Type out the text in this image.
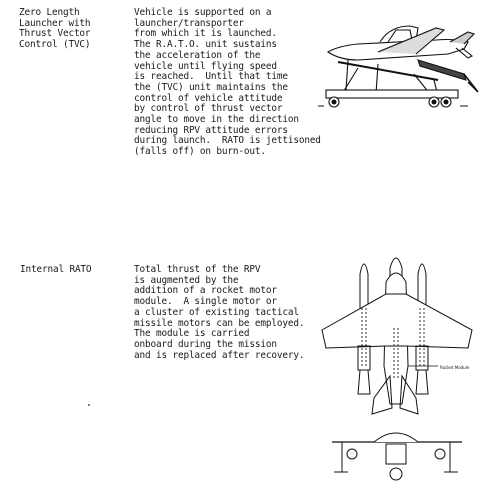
Zero Length
Launcher with
Thrust Vector
Control (TVC)
Vehicle is supported on a
launcher/transporter
from which it is launched.
The R.A.T.O. unit sustains
the acceleration of the
vehicle until flying speed
is reached.  Until that time
the (TVC) unit maintains the
control of vehicle attitude
by control of thrust vector
angle to move in the direction
reducing RPV attitude errors
during launch.  RATO is jettisoned
(falls off) on burn-out.
Internal RATO	Total thrust of the RPV
is augmented by the
addition of a rocket motor
module.  A single motor or
a cluster of existing tactical
missile motors can be employed.
The module is carried
onboard during the mission
and is replaced after recovery.
Rocket Module
